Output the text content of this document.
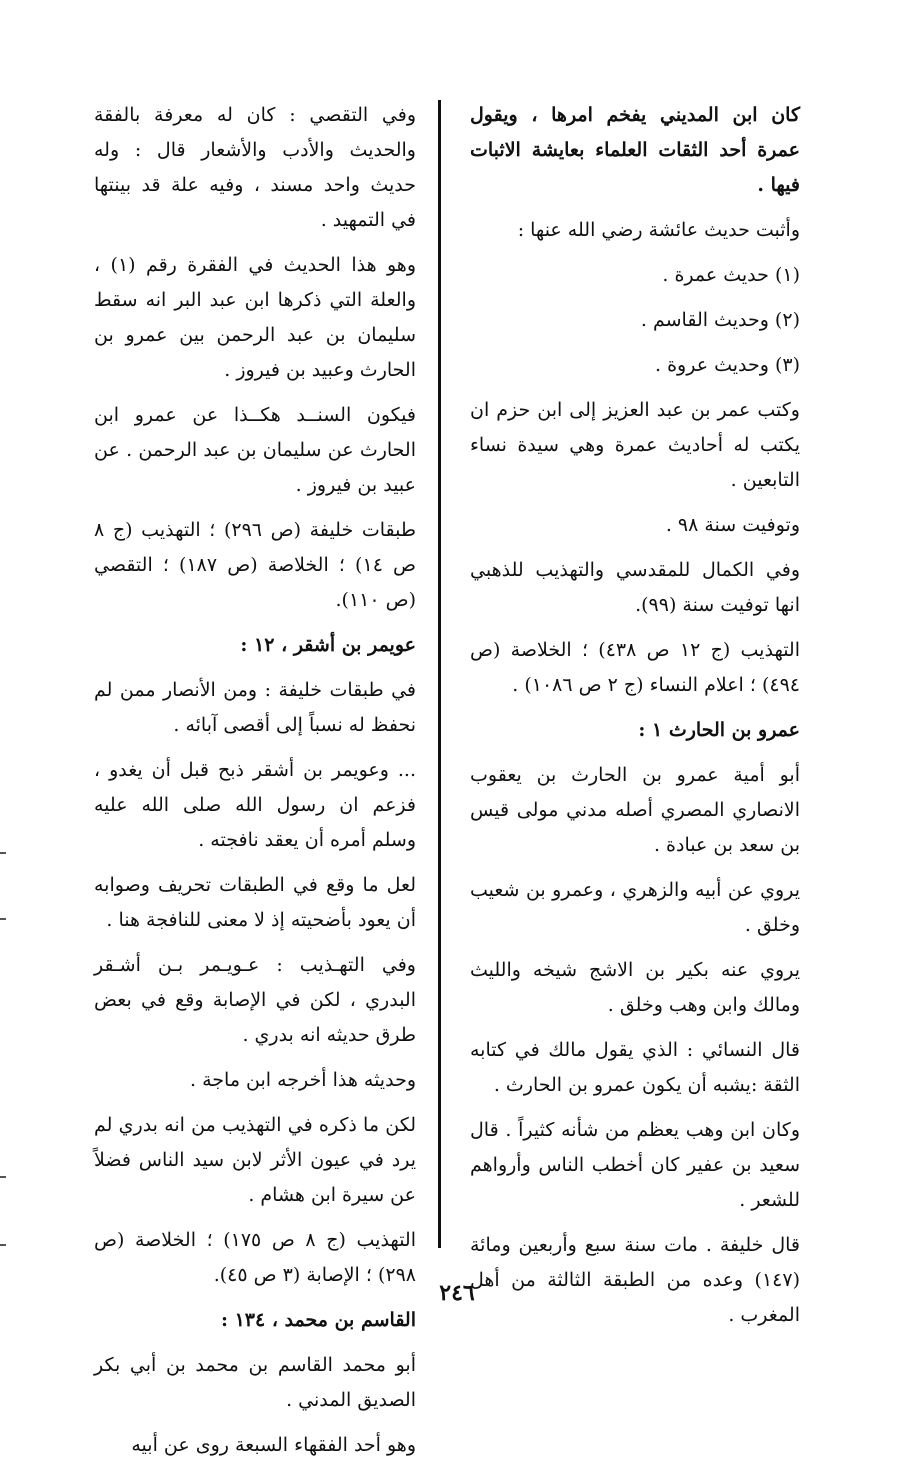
كان ابن المديني يفخم امرها ، ويقول عمرة أحد الثقات العلماء بعايشة الاثبات فيها .

وأثبت حديث عائشة رضي الله عنها :

(١) حديث عمرة .

(٢) وحديث القاسم .

(٣) وحديث عروة .

وكتب عمر بن عبد العزيز إلى ابن حزم ان يكتب له أحاديث عمرة وهي سيدة نساء التابعين .

وتوفيت سنة ٩٨ .

وفي الكمال للمقدسي والتهذيب للذهبي انها توفيت سنة (٩٩).

التهذيب (ج ١٢ ص ٤٣٨) ؛ الخلاصة (ص ٤٩٤) ؛ اعلام النساء (ج ٢ ص ١٠٨٦) .

عمرو بن الحارث ١ :

أبو أمية عمرو بن الحارث بن يعقوب الانصاري المصري أصله مدني مولى قيس بن سعد بن عبادة .

يروي عن أبيه والزهري ، وعمرو بن شعيب وخلق .

يروي عنه بكير بن الاشج شيخه والليث ومالك وابن وهب وخلق .

قال النسائي : الذي يقول مالك في كتابه الثقة :يشبه أن يكون عمرو بن الحارث .

وكان ابن وهب يعظم من شأنه كثيراً . قال سعيد بن عفير كان أخطب الناس وأرواهم للشعر .

قال خليفة . مات سنة سبع وأربعين ومائة (١٤٧) وعده من الطبقة الثالثة من أهل المغرب .

وفي التقصي : كان له معرفة بالفقة والحديث والأدب والأشعار قال : وله حديث واحد مسند ، وفيه علة قد بينتها في التمهيد .

وهو هذا الحديث في الفقرة رقم (١) ، والعلة التي ذكرها ابن عبد البر انه سقط سليمان بن عبد الرحمن بين عمرو بن الحارث وعبيد بن فيروز .

فيكون السنــد هكــذا عن عمرو ابن الحارث عن سليمان بن عبد الرحمن . عن عبيد بن فيروز .

طبقات خليفة (ص ٢٩٦) ؛ التهذيب (ج ٨ ص ١٤) ؛ الخلاصة (ص ١٨٧) ؛ التقصي (ص ١١٠).

عويمر بن أشقر ، ١٢ :

في طبقات خليفة : ومن الأنصار ممن لم نحفظ له نسباً إلى أقصى آبائه .

... وعويمر بن أشقر ذبح قبل أن يغدو ، فزعم ان رسول الله صلى الله عليه وسلم أمره أن يعقد نافجته .

لعل ما وقع في الطبقات تحريف وصوابه أن يعود بأضحيته إذ لا معنى للنافجة هنا .

وفي التهـذيب : عـويـمر بـن أشـقر البدري ، لكن في الإصابة وقع في بعض طرق حديثه انه بدري .

وحديثه هذا أخرجه ابن ماجة .

لكن ما ذكره في التهذيب من انه بدري لم يرد في عيون الأثر لابن سيد الناس فضلاً عن سيرة ابن هشام .

التهذيب (ج ٨ ص ١٧٥) ؛ الخلاصة (ص ٢٩٨) ؛ الإصابة (٣ ص ٤٥).

القاسم بن محمد ، ١٣٤ :

أبو محمد القاسم بن محمد بن أبي بكر الصديق المدني .

وهو أحد الفقهاء السبعة روى عن أبيه

٢٤٦
